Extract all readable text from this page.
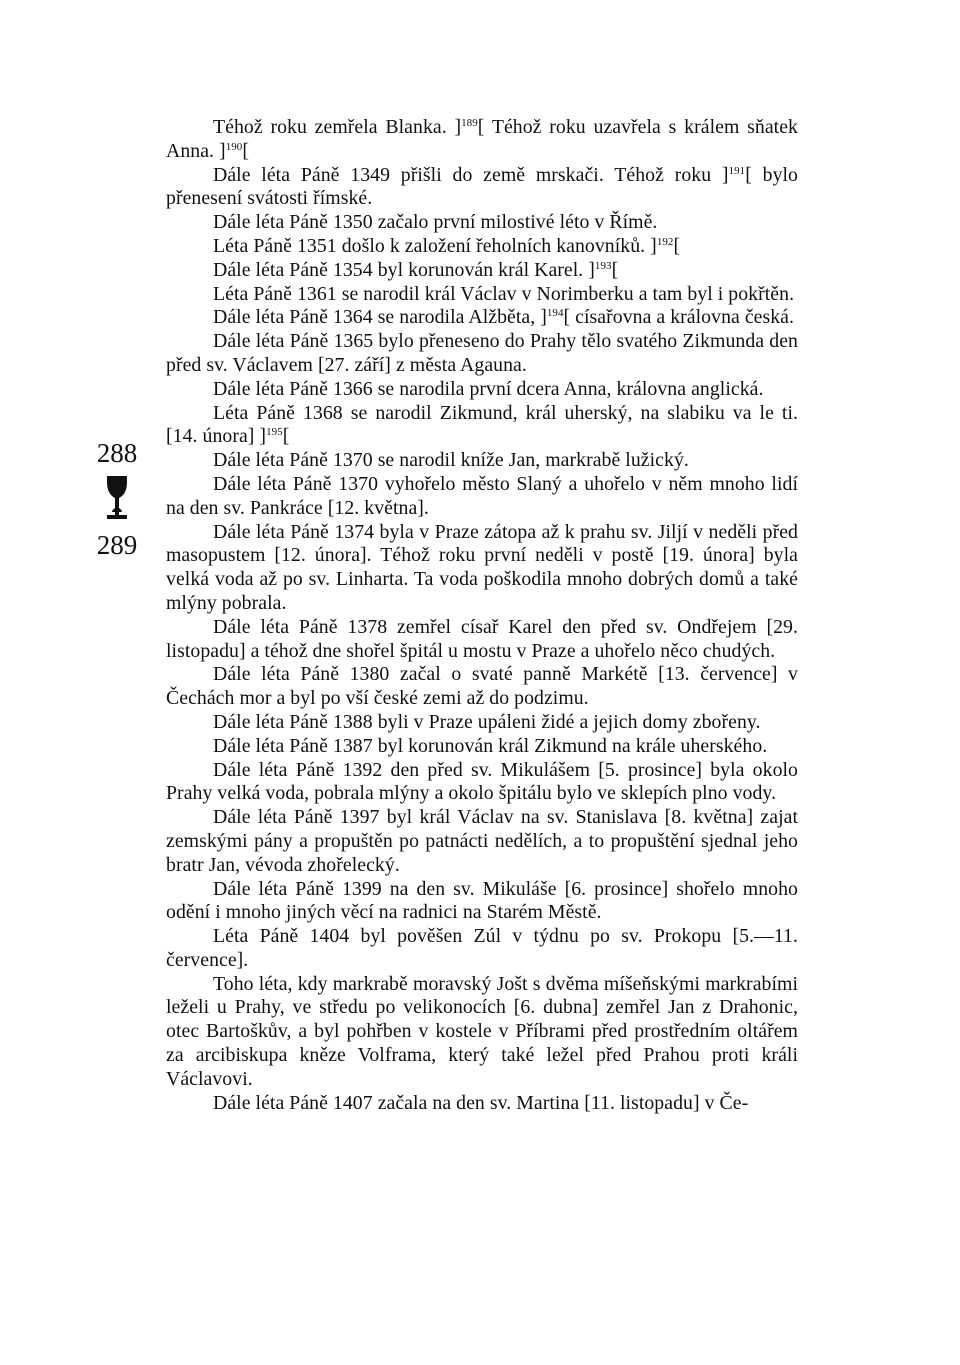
288
289

Téhož roku zemřela Blanka. ]$^{189}$[ Téhož roku uzavřela s králem sňatek Anna. ]$^{190}$[

Dále léta Páně 1349 přišli do země mrskači. Téhož roku ]$^{191}$[ bylo přenesení svátosti římské.

Dále léta Páně 1350 začalo první milostivé léto v Římě.

Léta Páně 1351 došlo k založení řeholních kanovníků. ]$^{192}$[

Dále léta Páně 1354 byl korunován král Karel. ]$^{193}$[

Léta Páně 1361 se narodil král Václav v Norimberku a tam byl i pokřtěn.

Dále léta Páně 1364 se narodila Alžběta, ]$^{194}$[ císařovna a královna česká.

Dále léta Páně 1365 bylo přeneseno do Prahy tělo svatého Zikmunda den před sv. Václavem [27. září] z města Agauna.

Dále léta Páně 1366 se narodila první dcera Anna, královna anglická.

Léta Páně 1368 se narodil Zikmund, král uherský, na slabiku va le ti. [14. února] ]$^{195}$[

Dále léta Páně 1370 se narodil kníže Jan, markrabě lužický.

Dále léta Páně 1370 vyhořelo město Slaný a uhořelo v něm mnoho lidí na den sv. Pankráce [12. května].

Dále léta Páně 1374 byla v Praze zátopa až k prahu sv. Jiljí v neděli před masopustem [12. února]. Téhož roku první neděli v postě [19. února] byla velká voda až po sv. Linharta. Ta voda poškodila mnoho dobrých domů a také mlýny pobrala.

Dále léta Páně 1378 zemřel císař Karel den před sv. Ondřejem [29. listopadu] a téhož dne shořel špitál u mostu v Praze a uhořelo něco chudých.

Dále léta Páně 1380 začal o svaté panně Markétě [13. července] v Čechách mor a byl po vší české zemi až do podzimu.

Dále léta Páně 1388 byli v Praze upáleni židé a jejich domy zbořeny.

Dále léta Páně 1387 byl korunován král Zikmund na krále uherského.

Dále léta Páně 1392 den před sv. Mikulášem [5. prosince] byla okolo Prahy velká voda, pobrala mlýny a okolo špitálu bylo ve sklepích plno vody.

Dále léta Páně 1397 byl král Václav na sv. Stanislava [8. května] zajat zemskými pány a propuštěn po patnácti nedělích, a to propuštění sjednal jeho bratr Jan, vévoda zhořelecký.

Dále léta Páně 1399 na den sv. Mikuláše [6. prosince] shořelo mnoho odění i mnoho jiných věcí na radnici na Starém Městě.

Léta Páně 1404 byl pověšen Zúl v týdnu po sv. Prokopu [5.—11. července].

Toho léta, kdy markrabě moravský Jošt s dvěma míšeňskými markrabími leželi u Prahy, ve středu po velikonocích [6. dubna] zemřel Jan z Drahonic, otec Bartoškův, a byl pohřben v kostele v Příbrami před prostředním oltářem za arcibiskupa kněze Volframa, který také ležel před Prahou proti králi Václavovi.

Dále léta Páně 1407 začala na den sv. Martina [11. listopadu] v Če-
